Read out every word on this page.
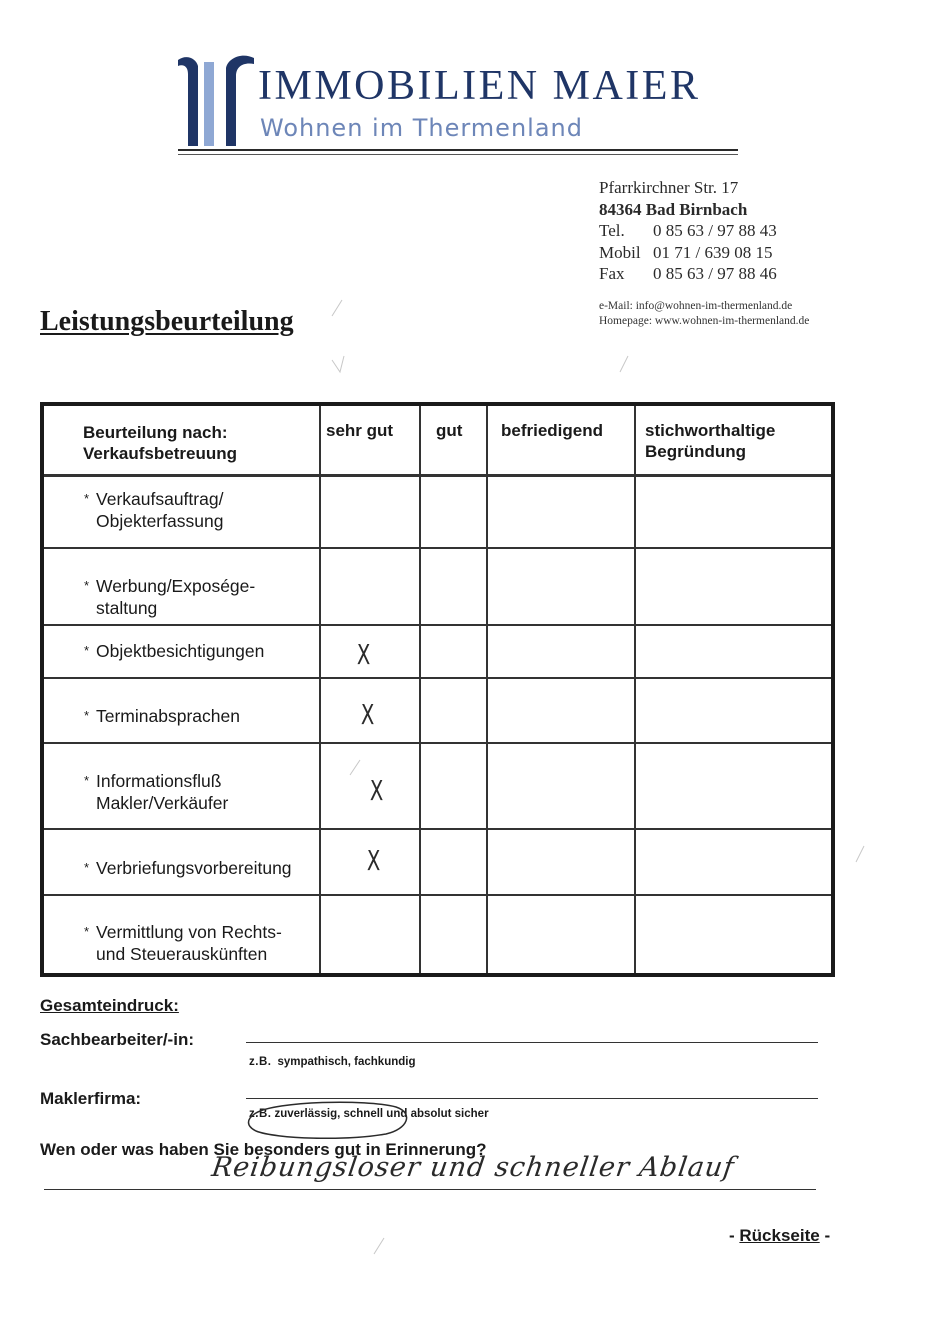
IMMOBILIEN MAIER
Wohnen im Thermenland
Pfarrkirchner Str. 17
84364 Bad Birnbach
Tel. 0 85 63 / 97 88 43
Mobil 01 71 / 639 08 15
Fax 0 85 63 / 97 88 46
e-Mail: info@wohnen-im-thermenland.de
Homepage: www.wohnen-im-thermenland.de
Leistungsbeurteilung
Beurteilung nach:
Verkaufsbetreuung
sehr gut	gut befriedigend stichworthaltige
Begründung
* Verkaufsauftrag/
Objekterfassung
* Werbung/Exposége-
staltung
* Objektbesichtigungen
* Terminabsprachen
* Informationsfluß
Makler/Verkäufer
* Verbriefungsvorbereitung
* Vermittlung von Rechts-
und Steuerauskünften
X
X
X
X
Gesamteindruck:
Sachbearbeiter/-in:
z.B. sympathisch, fachkundig
Maklerfirma:
z.B. zuverlässig, schnell und absolut sicher
Wen oder was haben Sie besonders gut in Erinnerung?
Reibungsloser und schneller Ablauf
- Rückseite -
